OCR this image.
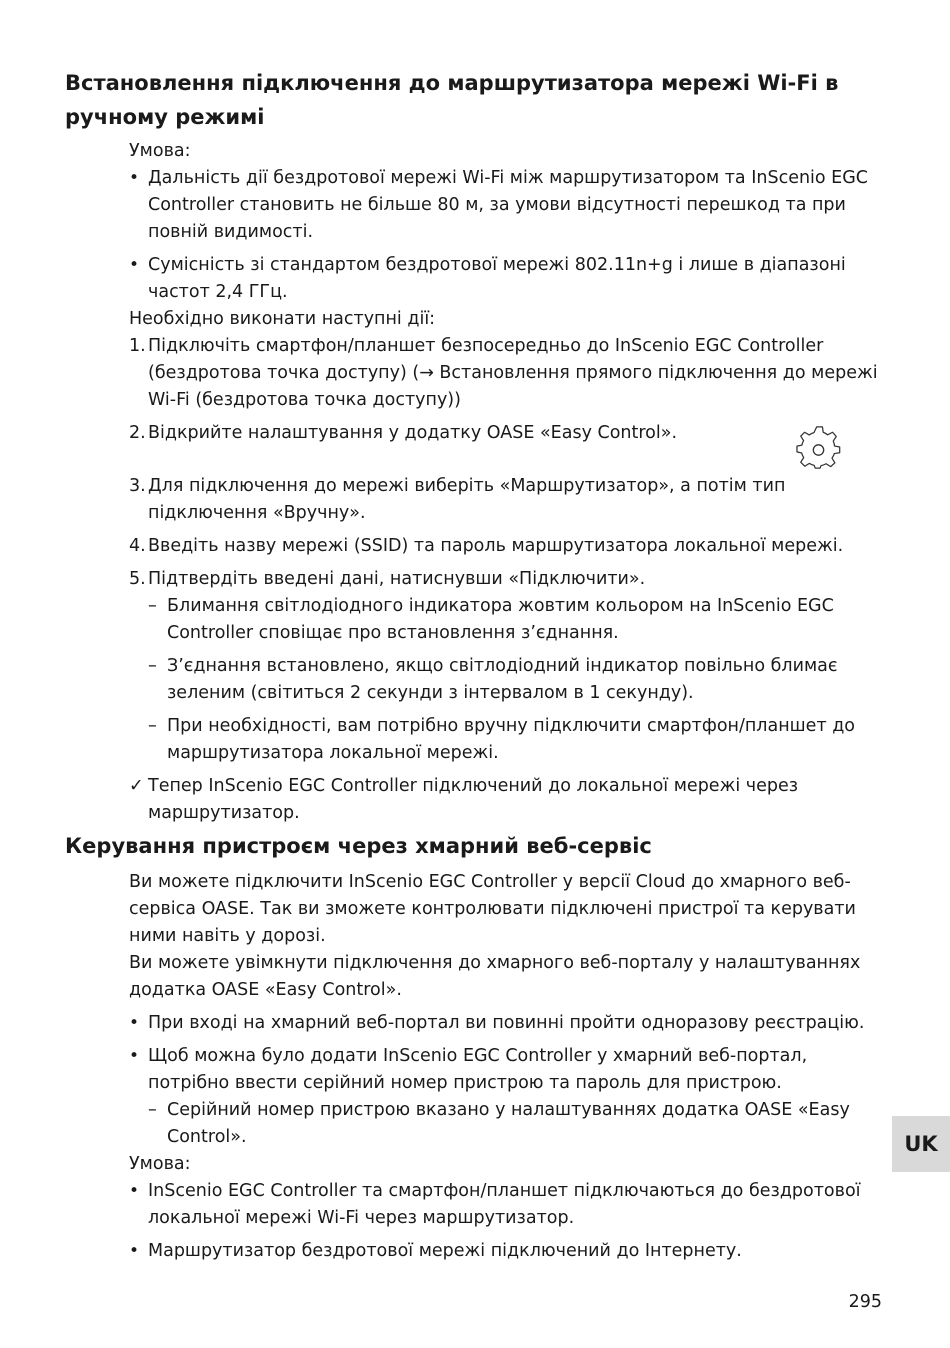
Встановлення підключення до маршрутизатора мережі Wi-Fi в ручному режимі

Умова:

• Дальність дії бездротової мережі Wi-Fi між маршрутизатором та InScenio EGC Controller становить не більше 80 м, за умови відсутності перешкод та при повній видимості.
• Сумісність зі стандартом бездротової мережі 802.11n+g і лише в діапазоні частот 2,4 ГГц.

Необхідно виконати наступні дії:

1. Підключіть смартфон/планшет безпосередньо до InScenio EGC Controller (бездротова точка доступу) (→ Встановлення прямого підключення до мережі Wi-Fi (бездротова точка доступу))
2. Відкрийте налаштування у додатку OASE «Easy Control».
3. Для підключення до мережі виберіть «Маршрутизатор», а потім тип підключення «Вручну».
4. Введіть назву мережі (SSID) та пароль маршрутизатора локальної мережі.
5. Підтвердіть введені дані, натиснувши «Підключити».
– Блимання світлодіодного індикатора жовтим кольором на InScenio EGC Controller сповіщає про встановлення з’єднання.
– З’єднання встановлено, якщо світлодіодний індикатор повільно блимає зеленим (світиться 2 секунди з інтервалом в 1 секунду).
– При необхідності, вам потрібно вручну підключити смартфон/планшет до маршрутизатора локальної мережі.
✓ Тепер InScenio EGC Controller підключений до локальної мережі через маршрутизатор.
Керування пристроєм через хмарний веб-сервіс

Ви можете підключити InScenio EGC Controller у версії Cloud до хмарного веб-сервіса OASE. Так ви зможете контролювати підключені пристрої та керувати ними навіть у дорозі.

Ви можете увімкнути підключення до хмарного веб-порталу у налаштуваннях додатка OASE «Easy Control».

• При вході на хмарний веб-портал ви повинні пройти одноразову реєстрацію.
• Щоб можна було додати InScenio EGC Controller у хмарний веб-портал, потрібно ввести серійний номер пристрою та пароль для пристрою.
– Серійний номер пристрою вказано у налаштуваннях додатка OASE «Easy Control».

Умова:

• InScenio EGC Controller та смартфон/планшет підключаються до бездротової локальної мережі Wi-Fi через маршрутизатор.
• Маршрутизатор бездротової мережі підключений до Інтернету.
UK
295
